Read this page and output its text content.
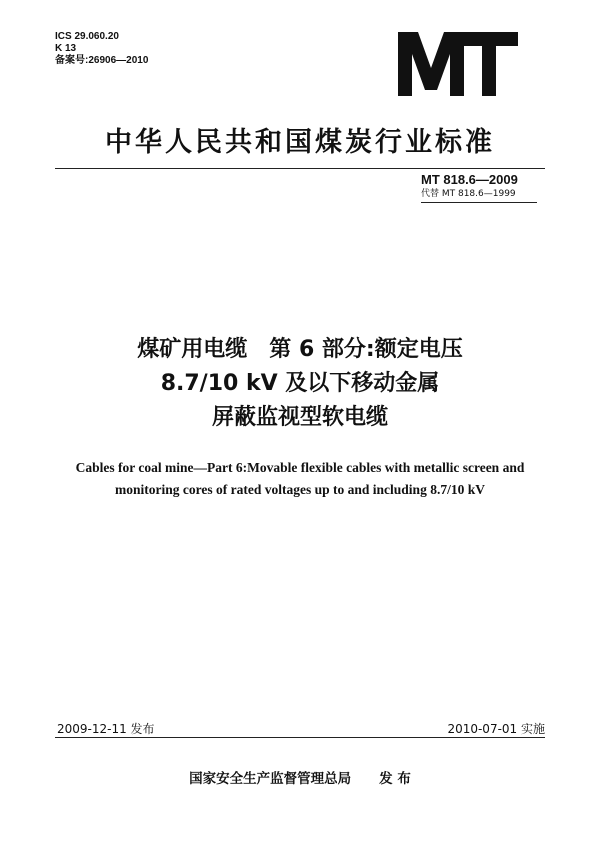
ICS 29.060.20
K 13
备案号:26906—2010
中华人民共和国煤炭行业标准
MT 818.6—2009
代替 MT 818.6—1999
煤矿用电缆　第 6 部分:额定电压
8.7/10 kV 及以下移动金属
屏蔽监视型软电缆
Cables for coal mine—Part 6:Movable flexible cables with metallic screen and
monitoring cores of rated voltages up to and including 8.7/10 kV
2009-12-11 发布	2010-07-01 实施
国家安全生产监督管理总局 发 布
